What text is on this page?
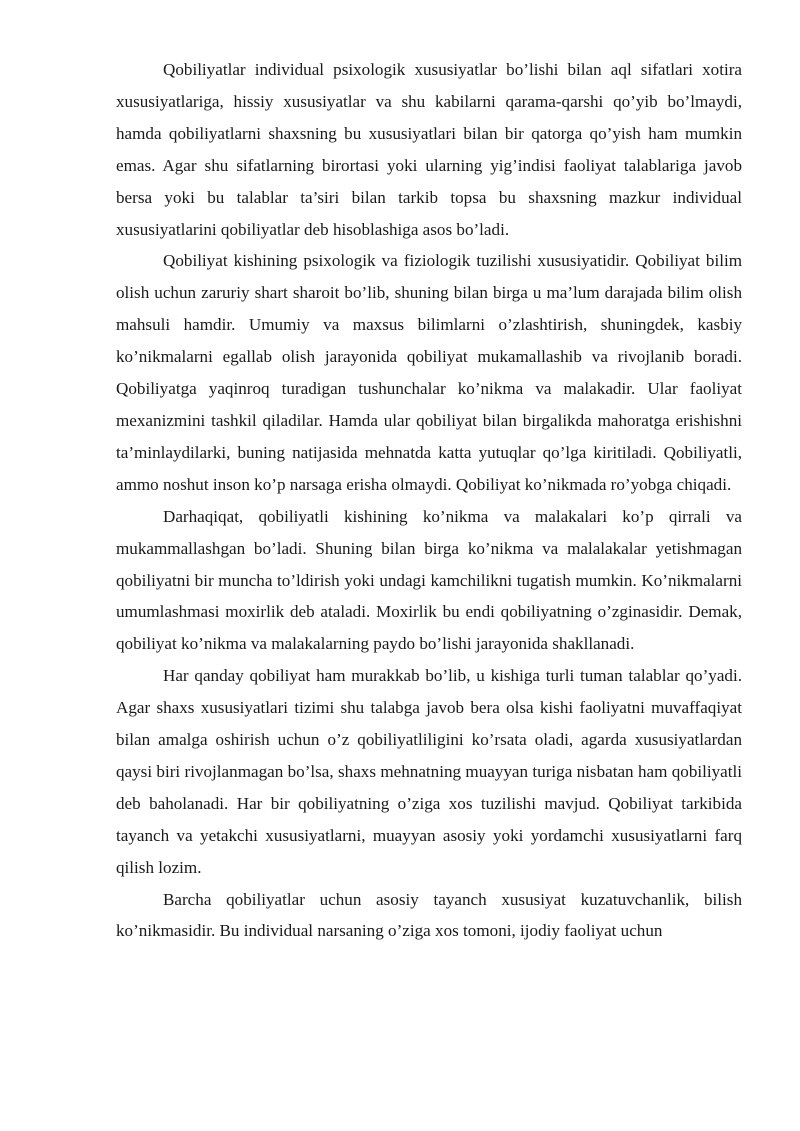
Qobiliyatlar individual psixologik xususiyatlar bo’lishi bilan aql sifatlari xotira xususiyatlariga, hissiy xususiyatlar va shu kabilarni qarama-qarshi qo’yib bo’lmaydi, hamda qobiliyatlarni shaxsning bu xususiyatlari bilan bir qatorga qo’yish ham mumkin emas. Agar shu sifatlarning birortasi yoki ularning yig’indisi faoliyat talablariga javob bersa yoki bu talablar ta’siri bilan tarkib topsa bu shaxsning mazkur individual xususiyatlarini qobiliyatlar deb hisoblashiga asos bo’ladi.

Qobiliyat kishining psixologik va fiziologik tuzilishi xususiyatidir. Qobiliyat bilim olish uchun zaruriy shart sharoit bo’lib, shuning bilan birga u ma’lum darajada bilim olish mahsuli hamdir. Umumiy va maxsus bilimlarni o’zlashtirish, shuningdek, kasbiy ko’nikmalarni egallab olish jarayonida qobiliyat mukamallashib va rivojlanib boradi. Qobiliyatga yaqinroq turadigan tushunchalar ko’nikma va malakadir. Ular faoliyat mexanizmini tashkil qiladilar. Hamda ular qobiliyat bilan birgalikda mahoratga erishishni ta’minlaydilarki, buning natijasida mehnatda katta yutuqlar qo’lga kiritiladi. Qobiliyatli, ammo noshut inson ko’p narsaga erisha olmaydi. Qobiliyat ko’nikmada ro’yobga chiqadi.

Darhaqiqat, qobiliyatli kishining ko’nikma va malakalari ko’p qirrali va mukammallashgan bo’ladi. Shuning bilan birga ko’nikma va malalakalar yetishmagan qobiliyatni bir muncha to’ldirish yoki undagi kamchilikni tugatish mumkin. Ko’nikmalarni umumlashmasi moxirlik deb ataladi. Moxirlik bu endi qobiliyatning o’zginasidir. Demak, qobiliyat ko’nikma va malakalarning paydo bo’lishi jarayonida shakllanadi.

Har qanday qobiliyat ham murakkab bo’lib, u kishiga turli tuman talablar qo’yadi. Agar shaxs xususiyatlari tizimi shu talabga javob bera olsa kishi faoliyatni muvaffaqiyat bilan amalga oshirish uchun o’z qobiliyatliligini ko’rsata oladi, agarda xususiyatlardan qaysi biri rivojlanmagan bo’lsa, shaxs mehnatning muayyan turiga nisbatan ham qobiliyatli deb baholanadi. Har bir qobiliyatning o’ziga xos tuzilishi mavjud. Qobiliyat tarkibida tayanch va yetakchi xususiyatlarni, muayyan asosiy yoki yordamchi xususiyatlarni farq qilish lozim.

Barcha qobiliyatlar uchun asosiy tayanch xususiyat kuzatuvchanlik, bilish ko’nikmasidir. Bu individual narsaning o’ziga xos tomoni, ijodiy faoliyat uchun
